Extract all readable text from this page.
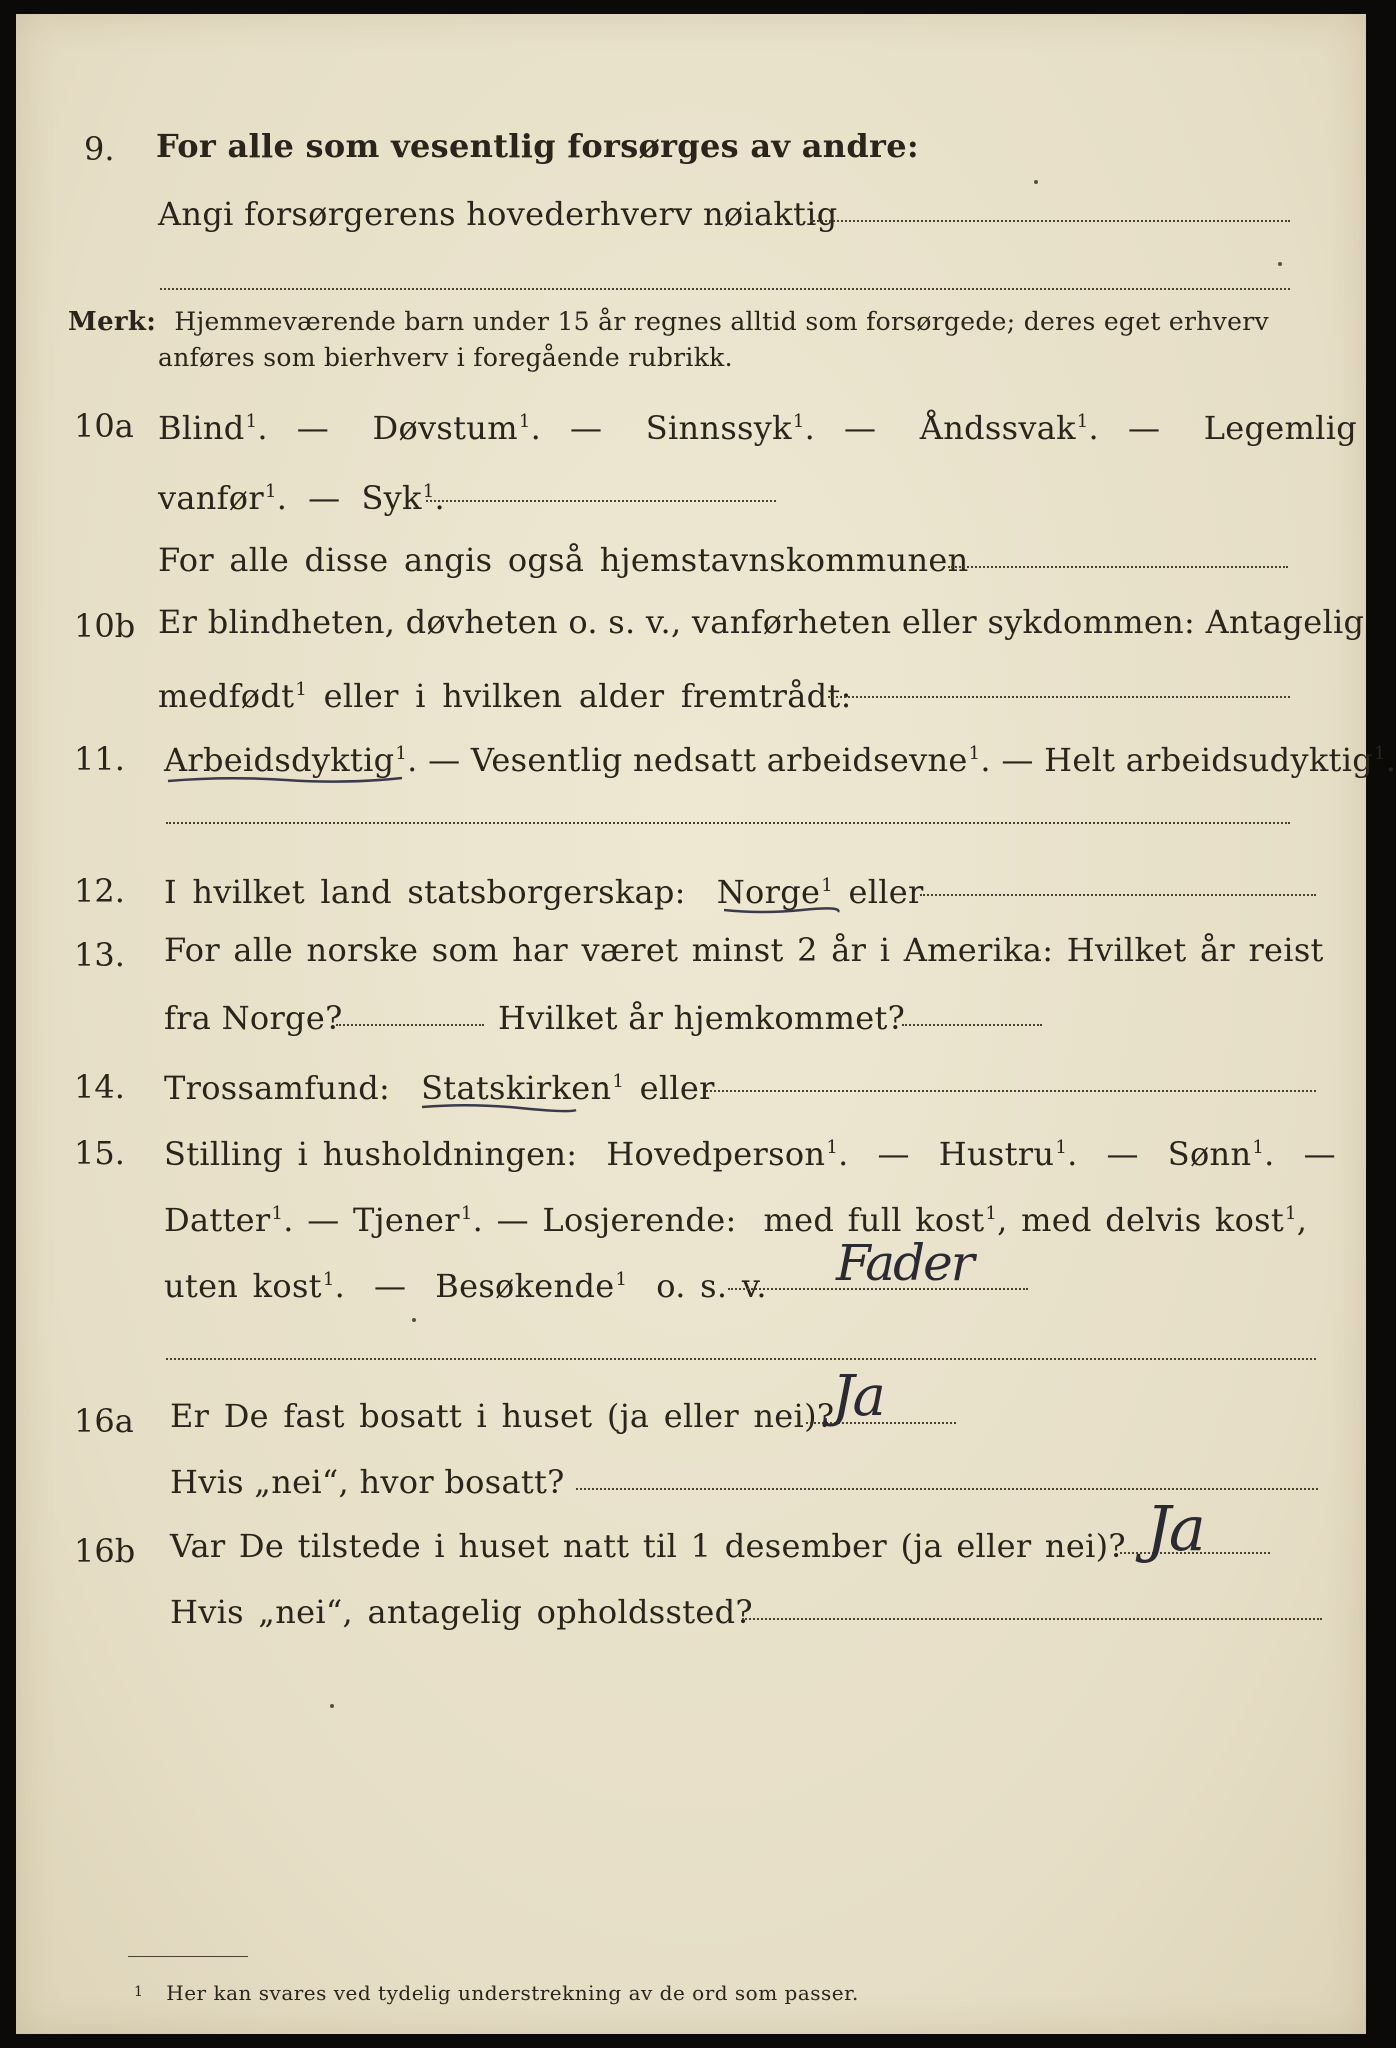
9. For alle som vesentlig forsørges av andre:
Angi forsørgerens hovederhverv nøiaktig
Merk: Hjemmeværende barn under 15 år regnes alltid som forsørgede; deres eget erhverv
anføres som bierhverv i foregående rubrikk.
10a Blind$^1$.  — Døvstum$^1$.  — Sinnssyk$^1$.  — Åndssvak$^1$.  — Legemlig
vanfør$^1$.  — Syk$^1$.
For alle disse angis også hjemstavnskommunen
10b Er blindheten, døvheten o. s. v., vanførheten eller sykdommen: Antagelig
medfødt$^1$ eller i hvilken alder fremtrådt:
11. Arbeidsdyktig$^1$. — Vesentlig nedsatt arbeidsevne$^1$. — Helt arbeidsudyktig$^1$.
12. I hvilket land statsborgerskap: Norge$^1$ eller
13. For alle norske som har været minst 2 år i Amerika: Hvilket år reist
fra Norge?	Hvilket år hjemkommet?
14. Trossamfund: Statskirken$^1$ eller
15. Stilling i husholdningen: Hovedperson$^1$.  — Hustru$^1$.  — Sønn$^1$.  —
Datter$^1$. — Tjener$^1$. — Losjerende: med full kost$^1$, med delvis kost$^1$,
uten kost$^1$.  — Besøkende$^1$ o. s. v. Fader
16a Er De fast bosatt i huset (ja eller nei)?
Ja
Hvis „nei“, hvor bosatt?
16b Var De tilstede i huset natt til 1 desember (ja eller nei)? Ja
Hvis „nei“, antagelig opholdssted?
$^1$ Her kan svares ved tydelig understrekning av de ord som passer.
